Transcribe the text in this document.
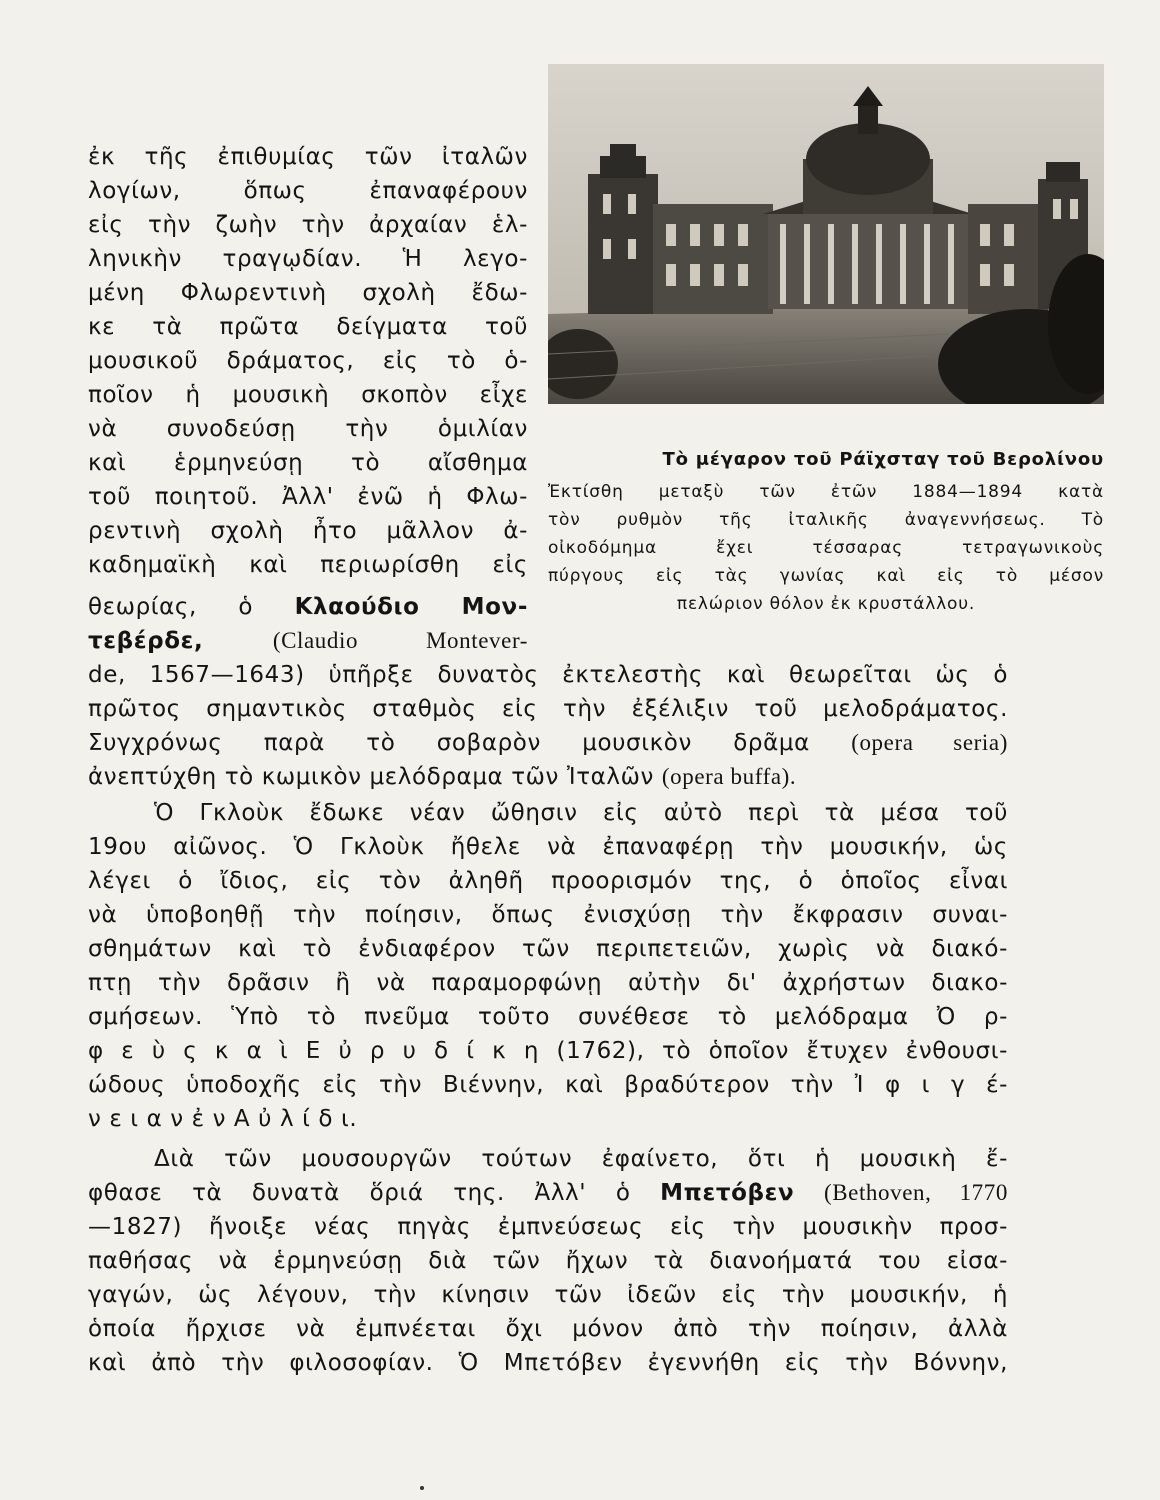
Τὸ μέγαρον τοῦ Ράϊχσταγ τοῦ Βερολίνου
Ἐκτίσθη μεταξὺ τῶν ἐτῶν 1884—1894 κατὰ
τὸν ρυθμὸν τῆς ἰταλικῆς ἀναγεννήσεως. Τὸ
οἰκοδόμημα ἔχει τέσσαρας τετραγωνικοὺς
πύργους εἰς τὰς γωνίας καὶ εἰς τὸ μέσον
πελώριον θόλον ἐκ κρυστάλλου.
ἐκ τῆς ἐπιθυμίας τῶν ἰταλῶν
λογίων, ὅπως ἐπαναφέρουν
εἰς τὴν ζωὴν τὴν ἀρχαίαν ἑλ-
ληνικὴν τραγῳδίαν. Ἡ λεγο-
μένη Φλωρεντινὴ σχολὴ ἔδω-
κε τὰ πρῶτα δείγματα τοῦ
μουσικοῦ δράματος, εἰς τὸ ὁ-
ποῖον ἡ μουσικὴ σκοπὸν εἶχε
νὰ συνοδεύσῃ τὴν ὁμιλίαν
καὶ ἑρμηνεύσῃ τὸ αἴσθημα
τοῦ ποιητοῦ. Ἀλλ' ἐνῶ ἡ Φλω-
ρεντινὴ σχολὴ ἦτο μᾶλλον ἀ-
καδημαϊκὴ καὶ περιωρίσθη εἰς
θεωρίας, ὁ Κλαούδιο Μον-
τεβέρδε,	(Claudio Montever-
de, 1567—1643) ὑπῆρξε δυνατὸς ἐκτελεστὴς καὶ θεωρεῖται ὡς ὁ
πρῶτος σημαντικὸς σταθμὸς εἰς τὴν ἐξέλιξιν τοῦ μελοδράματος.
Συγχρόνως παρὰ τὸ σοβαρὸν μουσικὸν δρᾶμα (opera seria)
ἀνεπτύχθη τὸ κωμικὸν μελόδραμα τῶν Ἰταλῶν (opera buffa).
Ὁ Γκλοὺκ ἔδωκε νέαν ὤθησιν εἰς αὐτὸ περὶ τὰ μέσα τοῦ
19ου αἰῶνος. Ὁ Γκλοὺκ ἤθελε νὰ ἐπαναφέρῃ τὴν μουσικήν, ὡς
λέγει ὁ ἴδιος, εἰς τὸν ἀληθῆ προορισμόν της, ὁ ὁποῖος εἶναι
νὰ ὑποβοηθῇ τὴν ποίησιν, ὅπως ἐνισχύσῃ τὴν ἔκφρασιν συναι-
σθημάτων καὶ τὸ ἐνδιαφέρον τῶν περιπετειῶν, χωρὶς νὰ διακό-
πτῃ τὴν δρᾶσιν ἢ νὰ παραμορφώνῃ αὐτὴν δι' ἀχρήστων διακο-
σμήσεων. Ὑπὸ τὸ πνεῦμα τοῦτο συνέθεσε τὸ μελόδραμα Ὀ ρ-
φ ε ὺ ς κ α ὶ Ε ὐ ρ υ δ ί κ η (1762), τὸ ὁποῖον ἔτυχεν ἐνθουσι-
ώδους ὑποδοχῆς εἰς τὴν Βιέννην, καὶ βραδύτερον τὴν Ἰ φ ι γ έ-
ν ε ι α ν ἐ ν Α ὐ λ ί δ ι.
Διὰ τῶν μουσουργῶν τούτων ἐφαίνετο, ὅτι ἡ μουσικὴ ἔ-
φθασε τὰ δυνατὰ ὅριά της. Ἀλλ' ὁ Μπετόβεν (Bethoven, 1770
—1827) ἤνοιξε νέας πηγὰς ἐμπνεύσεως εἰς τὴν μουσικὴν προσ-
παθήσας νὰ ἑρμηνεύσῃ διὰ τῶν ἤχων τὰ διανοήματά του εἰσα-
γαγών, ὡς λέγουν, τὴν κίνησιν τῶν ἰδεῶν εἰς τὴν μουσικήν, ἡ
ὁποία ἤρχισε νὰ ἐμπνέεται ὄχι μόνον ἀπὸ τὴν ποίησιν, ἀλλὰ
καὶ ἀπὸ τὴν φιλοσοφίαν. Ὁ Μπετόβεν ἐγεννήθη εἰς τὴν Βόννην,
